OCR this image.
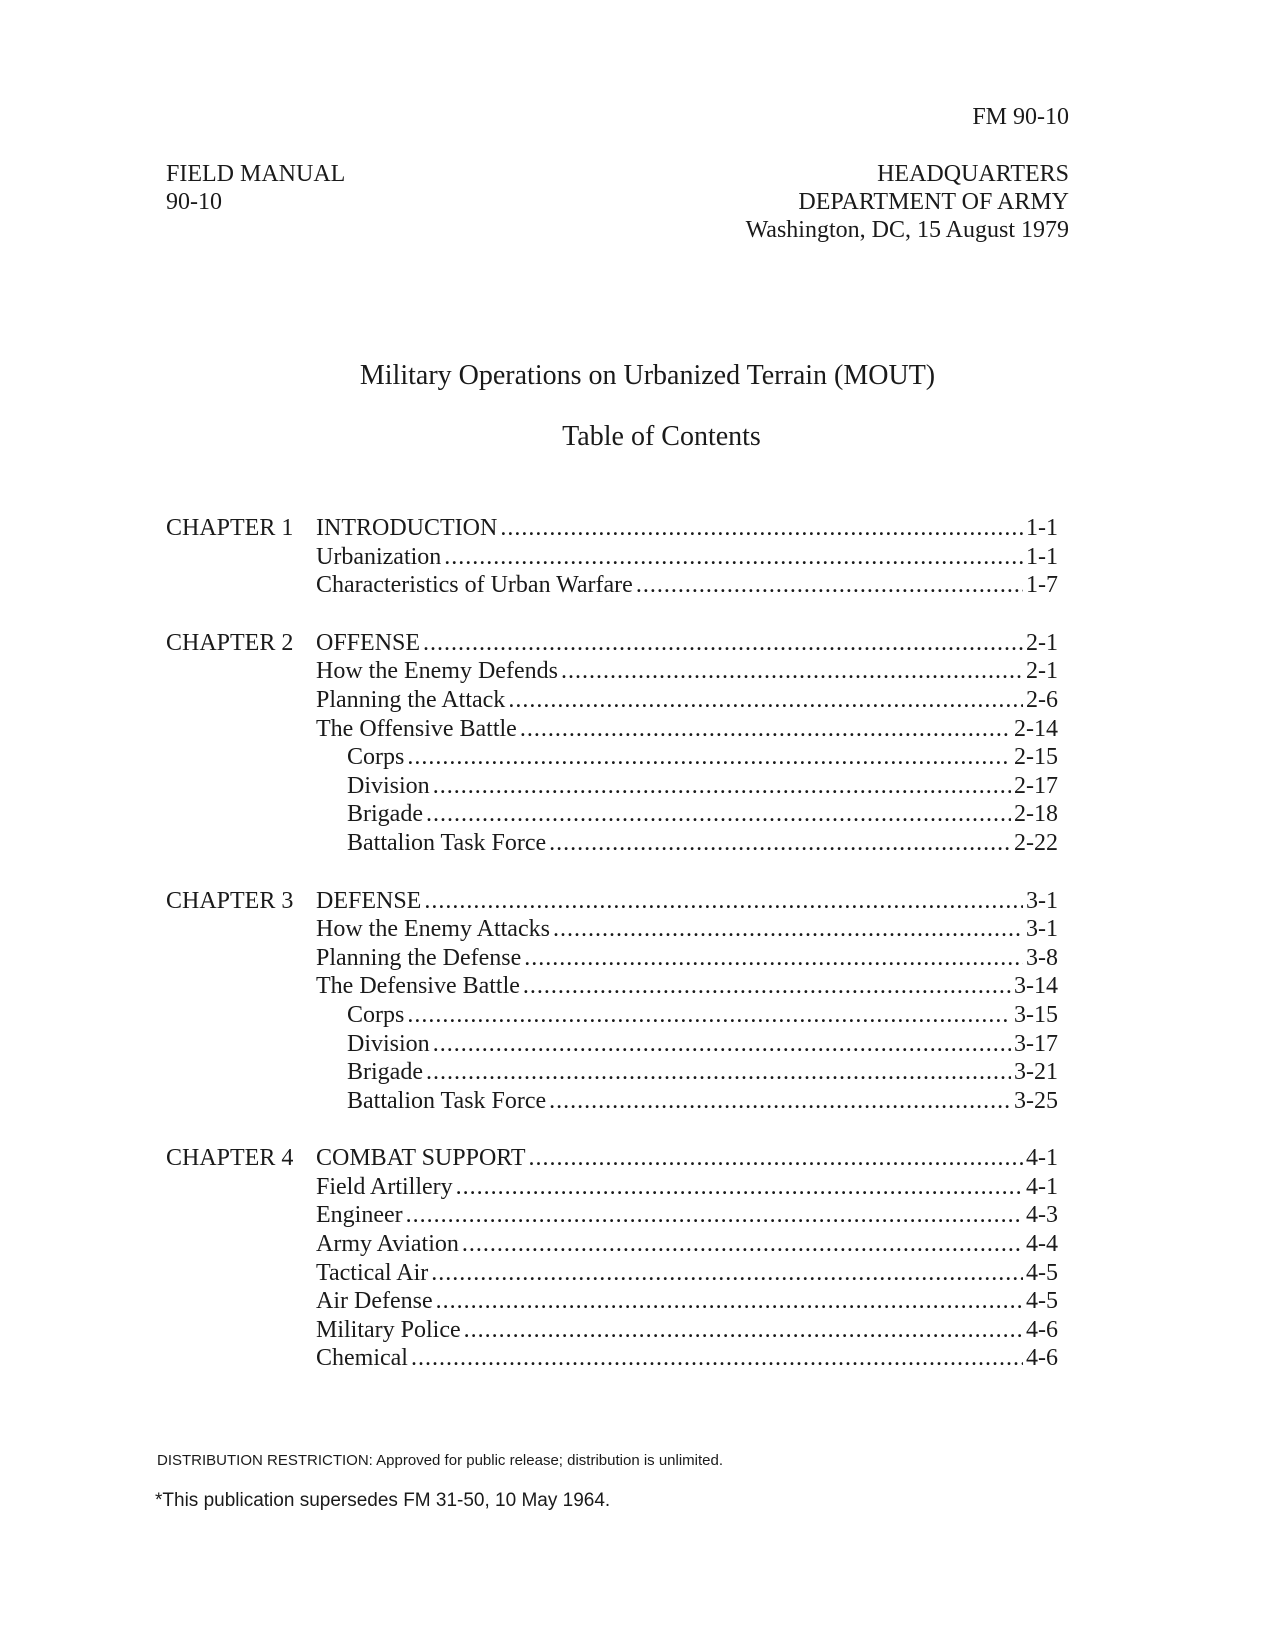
FM 90-10
FIELD MANUAL
90-10
HEADQUARTERS
DEPARTMENT OF ARMY
Washington, DC, 15 August 1979
Military Operations on Urbanized Terrain (MOUT)
Table of Contents
CHAPTER 1 INTRODUCTION .....	1-1
Urbanization .....	1-1
Characteristics of Urban Warfare .....	1-7
CHAPTER 2 OFFENSE .....	2-1
How the Enemy Defends .....	2-1
Planning the Attack .....	2-6
The Offensive Battle .....	2-14
Corps .....	2-15
Division .....	2-17
Brigade .....	2-18
Battalion Task Force .....	2-22
CHAPTER 3 DEFENSE .....	3-1
How the Enemy Attacks .....	3-1
Planning the Defense .....	3-8
The Defensive Battle .....	3-14
Corps .....	3-15
Division .....	3-17
Brigade .....	3-21
Battalion Task Force .....	3-25
CHAPTER 4 COMBAT SUPPORT .....	4-1
Field Artillery .....	4-1
Engineer .....	4-3
Army Aviation .....	4-4
Tactical Air .....	4-5
Air Defense .....	4-5
Military Police .....	4-6
Chemical .....	4-6
DISTRIBUTION RESTRICTION: Approved for public release; distribution is unlimited.
*This publication supersedes FM 31-50, 10 May 1964.
